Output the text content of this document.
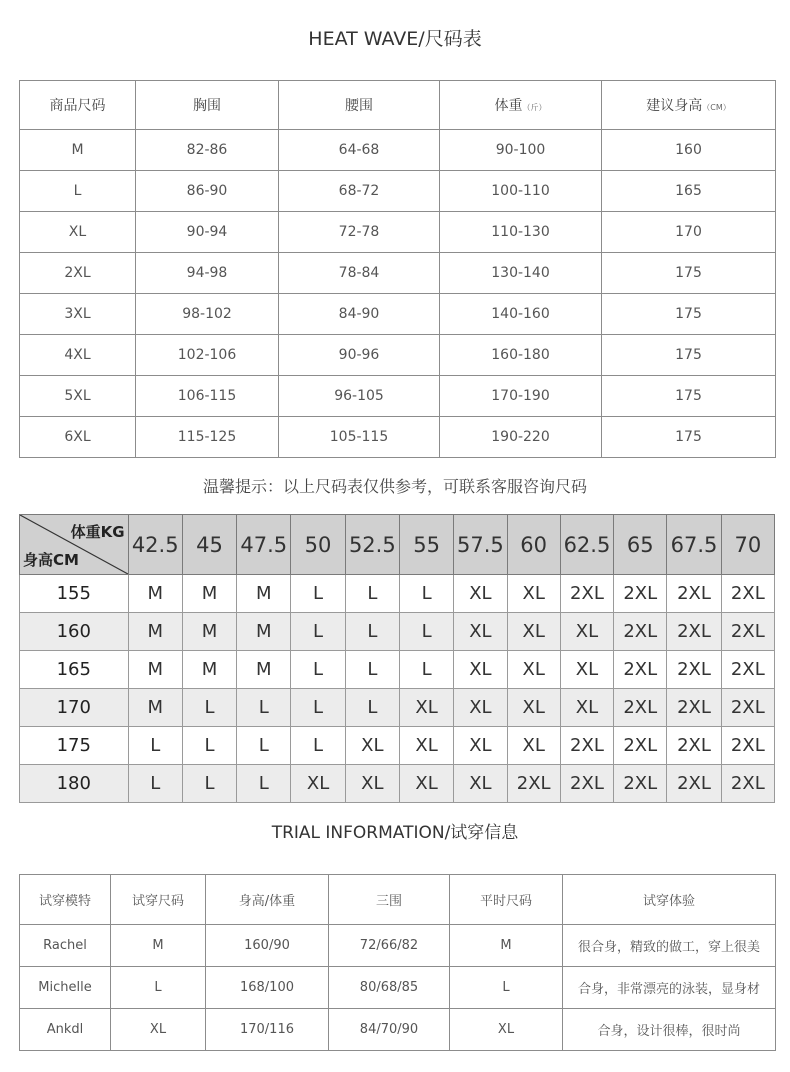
HEAT WAVE/尺码表
商品尺码	胸围	腰围	体重（斤）	建议身高（CM）
M	82-86	64-68	90-100	160
L	86-90	68-72	100-110	165
XL	90-94	72-78	110-130	170
2XL	94-98	78-84	130-140	175
3XL	98-102	84-90	140-160	175
4XL	102-106	90-96	160-180	175
5XL	106-115	96-105	170-190	175
6XL	115-125	105-115	190-220	175
温馨提示：以上尺码表仅供参考，可联系客服咨询尺码
体重KG
身高CM	42.5	45	47.5	50	52.5	55	57.5	60	62.5	65	67.5	70
155	M	M	M	L	L	L	XL	XL	2XL	2XL	2XL	2XL
160	M	M	M	L	L	L	XL	XL	XL	2XL	2XL	2XL
165	M	M	M	L	L	L	XL	XL	XL	2XL	2XL	2XL
170	M	L	L	L	L	XL	XL	XL	XL	2XL	2XL	2XL
175	L	L	L	L	XL	XL	XL	XL	2XL	2XL	2XL	2XL
180	L	L	L	XL	XL	XL	XL	2XL	2XL	2XL	2XL	2XL
TRIAL INFORMATION/试穿信息
试穿模特	试穿尺码	身高/体重	三围	平时尺码	试穿体验
Rachel	M	160/90	72/66/82	M	很合身，精致的做工，穿上很美
Michelle	L	168/100	80/68/85	L	合身，非常漂亮的泳装，显身材
Ankdl	XL	170/116	84/70/90	XL	合身，设计很棒，很时尚
